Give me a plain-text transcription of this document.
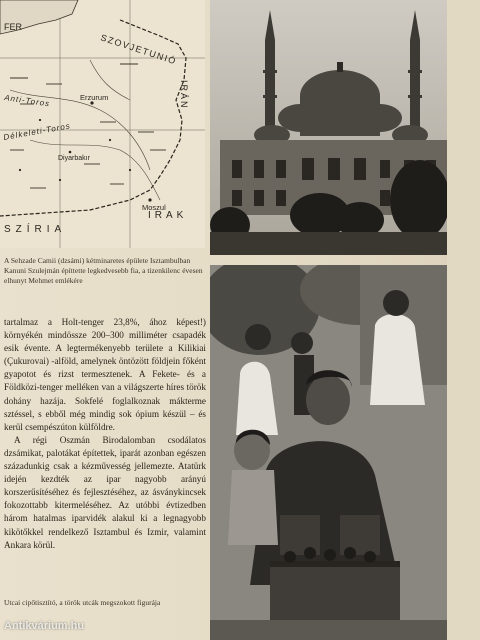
FER
SZOVJETUNIÓ
IRÁN
IRAK
SZÍRIA
Erzurum
Moszul
Diyarbakır
Anti-Toros
Délkeleti-Toros
A Sehzade Camii (dzsámi) kétminaretes épülete Isztambulban Kanuni Szulejmán építtette legkedvesebb fia, a tizenkilenc évesen elhunyt Mehmet emlékére

tartalmaz a Holt-tenger 23,8%, ához képest!) környékén mindössze 200–300 milliméter csapadék esik évente. A legtermékenyebb területe a Kilikiai (Çukurovai) -alföld, amelynek öntözött földjein főként gyapotot és rizst termesztenek. A Fekete- és a Földközi-tenger melléken van a világszerte híres török dohány hazája. Sokfelé foglalkoznak mákterme sztéssel, s ebből még mindig sok ópium készül – és kerül csempészúton külföldre.

A régi Oszmán Birodalomban csodálatos dzsámikat, palotákat építettek, iparát azonban egészen századunkig csak a kézművesség jellemezte. Atatürk idején kezdték az ipar nagyobb arányú korszerűsítéséhez és fejlesztéséhez, az ásványkincsek fokozottabb kitermeléséhez. Az utóbbi évtizedben három hatalmas iparvidék alakul ki a legnagyobb kikötőkkel rendelkező Isztambul és Izmir, valamint Ankara körül.

Utcai cipőtisztító, a török utcák megszokott figurája
Antikvárium.hu
